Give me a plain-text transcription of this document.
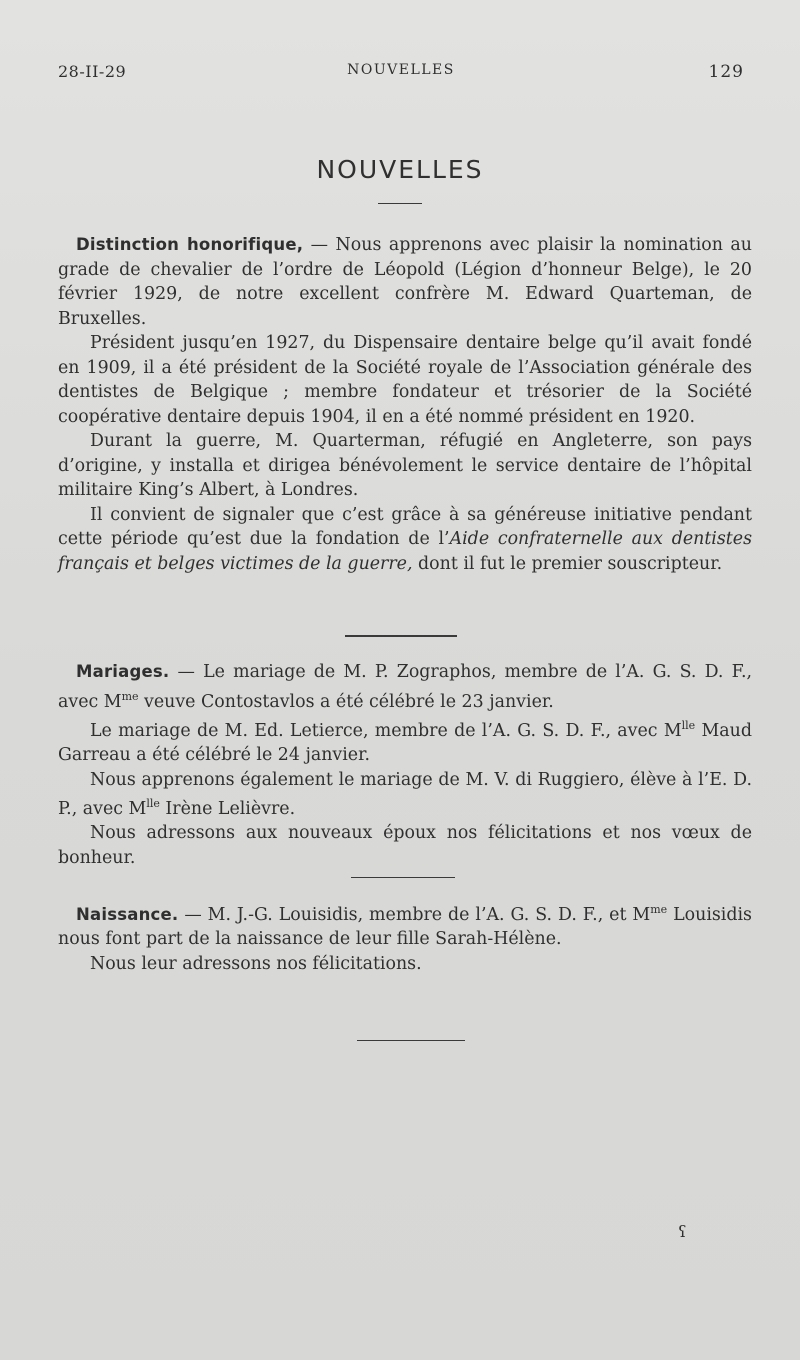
28-II-29	NOUVELLES	129
NOUVELLES

Distinction honorifique, — Nous apprenons avec plaisir la nomination au grade de chevalier de l’ordre de Léopold (Légion d’honneur Belge), le 20 février 1929, de notre excellent confrère M. Edward Quarteman, de Bruxelles.

Président jusqu’en 1927, du Dispensaire dentaire belge qu’il avait fondé en 1909, il a été président de la Société royale de l’Association générale des dentistes de Belgique ; membre fondateur et trésorier de la Société coopérative dentaire depuis 1904, il en a été nommé président en 1920.

Durant la guerre, M. Quarterman, réfugié en Angleterre, son pays d’origine, y installa et dirigea bénévolement le service dentaire de l’hôpital militaire King’s Albert, à Londres.

Il convient de signaler que c’est grâce à sa généreuse initiative pendant cette période qu’est due la fondation de l’Aide confraternelle aux dentistes français et belges victimes de la guerre, dont il fut le premier souscripteur.

Mariages. — Le mariage de M. P. Zographos, membre de l’A. G. S. D. F., avec $M^{me}$ veuve Contostavlos a été célébré le 23 janvier.

Le mariage de M. Ed. Letierce, membre de l’A. G. S. D. F., avec $M^{lle}$ Maud Garreau a été célébré le 24 janvier.

Nous apprenons également le mariage de M. V. di Ruggiero, élève à l’E. D. P., avec $M^{lle}$ Irène Lelièvre.

Nous adressons aux nouveaux époux nos félicitations et nos vœux de bonheur.

Naissance. — M. J.-G. Louisidis, membre de l’A. G. S. D. F., et $M^{me}$ Louisidis nous font part de la naissance de leur fille Sarah-Hélène.

Nous leur adressons nos félicitations.

ʕ
